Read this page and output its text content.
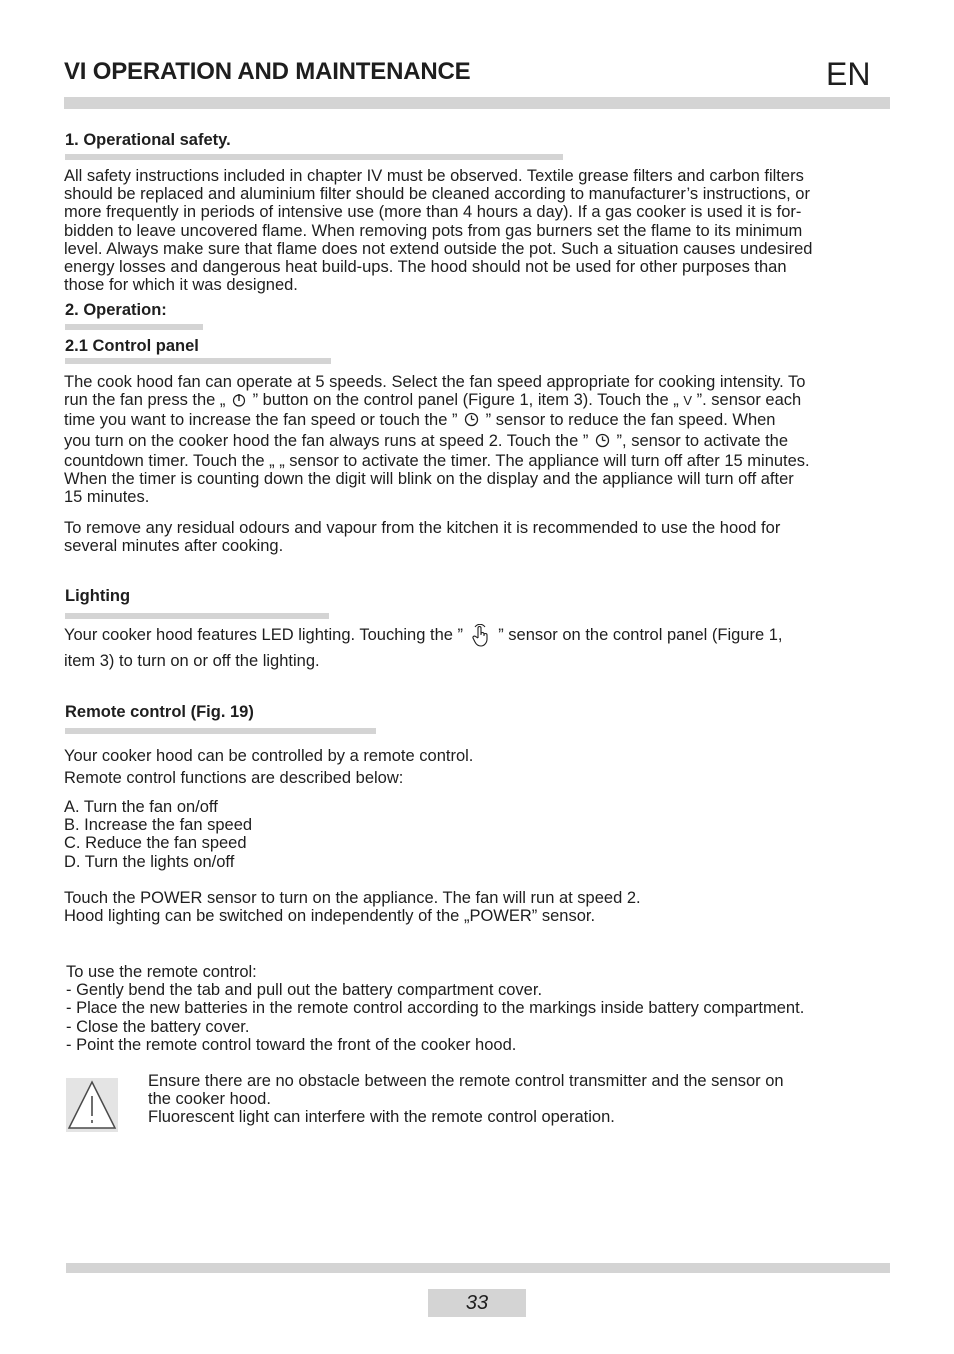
VI OPERATION AND MAINTENANCE	EN
1. Operational safety.
All safety instructions included in chapter IV must be observed. Textile grease filters and carbon filters
should be replaced and aluminium filter should be cleaned according to manufacturer’s instructions, or
more frequently in periods of intensive use (more than 4 hours a day). If a gas cooker is used it is for-
bidden to leave uncovered flame. When removing pots from gas burners set the flame to its minimum
level. Always make sure that flame does not extend outside the pot. Such a situation causes undesired
energy losses and dangerous heat build-ups. The hood should not be used for other purposes than
those for which it was designed.
2. Operation:
2.1 Control panel
The cook hood fan can operate at 5 speeds. Select the fan speed appropriate for cooking intensity. To
run the fan press the „  ” button on the control panel (Figure 1, item 3). Touch the „ V ”. sensor each
time you want to increase the fan speed or touch the ”  ” sensor to reduce the fan speed. When
you turn on the cooker hood the fan always runs at speed 2. Touch the ”  ”, sensor to activate the
countdown timer. Touch the „ „ sensor to activate the timer. The appliance will turn off after 15 minutes.
When the timer is counting down the digit will blink on the display and the appliance will turn off after
15 minutes.
To remove any residual odours and vapour from the kitchen it is recommended to use the hood for
several minutes after cooking.
Lighting
Your cooker hood features LED lighting. Touching the ”  ” sensor on the control panel (Figure 1,
item 3) to turn on or off the lighting.
Remote control (Fig. 19)
Your cooker hood can be controlled by a remote control.
Remote control functions are described below:
A. Turn the fan on/off
B. Increase the fan speed
C. Reduce the fan speed
D. Turn the lights on/off
Touch the POWER sensor to turn on the appliance. The fan will run at speed 2.
Hood lighting can be switched on independently of the „POWER” sensor.
To use the remote control:
- Gently bend the tab and pull out the battery compartment cover.
- Place the new batteries in the remote control according to the markings inside battery compartment.
- Close the battery cover.
- Point the remote control toward the front of the cooker hood.
Ensure there are no obstacle between the remote control transmitter and the sensor on
the cooker hood.
Fluorescent light can interfere with the remote control operation.
33
